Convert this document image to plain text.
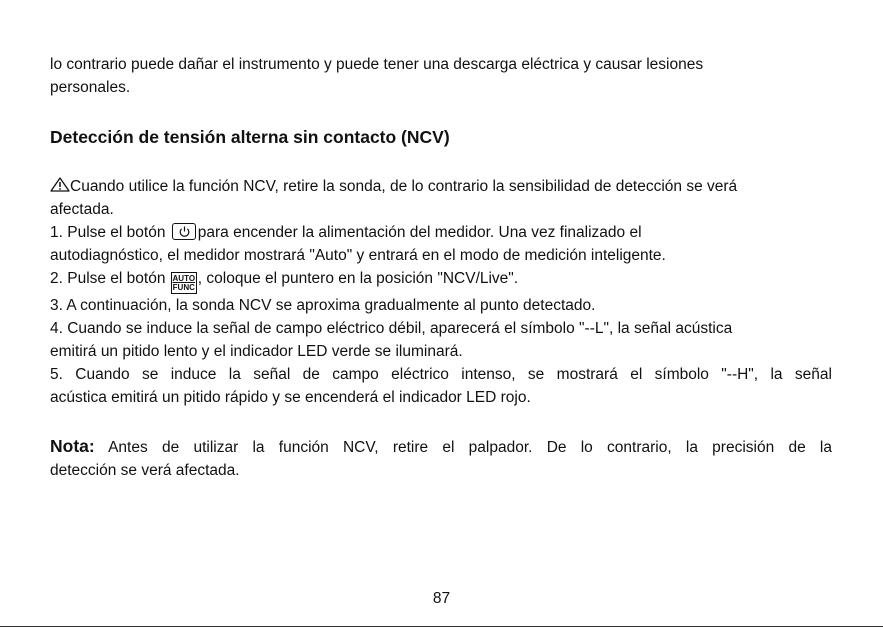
lo contrario puede dañar el instrumento y puede tener una descarga eléctrica y causar lesiones
personales.

Detección de tensión alterna sin contacto (NCV)

Cuando utilice la función NCV, retire la sonda, de lo contrario la sensibilidad de detección se verá
afectada.

1. Pulse el botón
para encender la alimentación del medidor. Una vez finalizado el
autodiagnóstico, el medidor mostrará "Auto" y entrará en el modo de medición inteligente.

2. Pulse el botón AUTO
FUNC
, coloque el puntero en la posición "NCV/Live".

3. A continuación, la sonda NCV se aproxima gradualmente al punto detectado.

4. Cuando se induce la señal de campo eléctrico débil, aparecerá el símbolo "--L", la señal acústica
emitirá un pitido lento y el indicador LED verde se iluminará.

5. Cuando se induce la señal de campo eléctrico intenso, se mostrará el símbolo "--H", la señal

acústica emitirá un pitido rápido y se encenderá el indicador LED rojo.

Nota: Antes de utilizar la función NCV, retire el palpador. De lo contrario, la precisión de la

detección se verá afectada.

87
